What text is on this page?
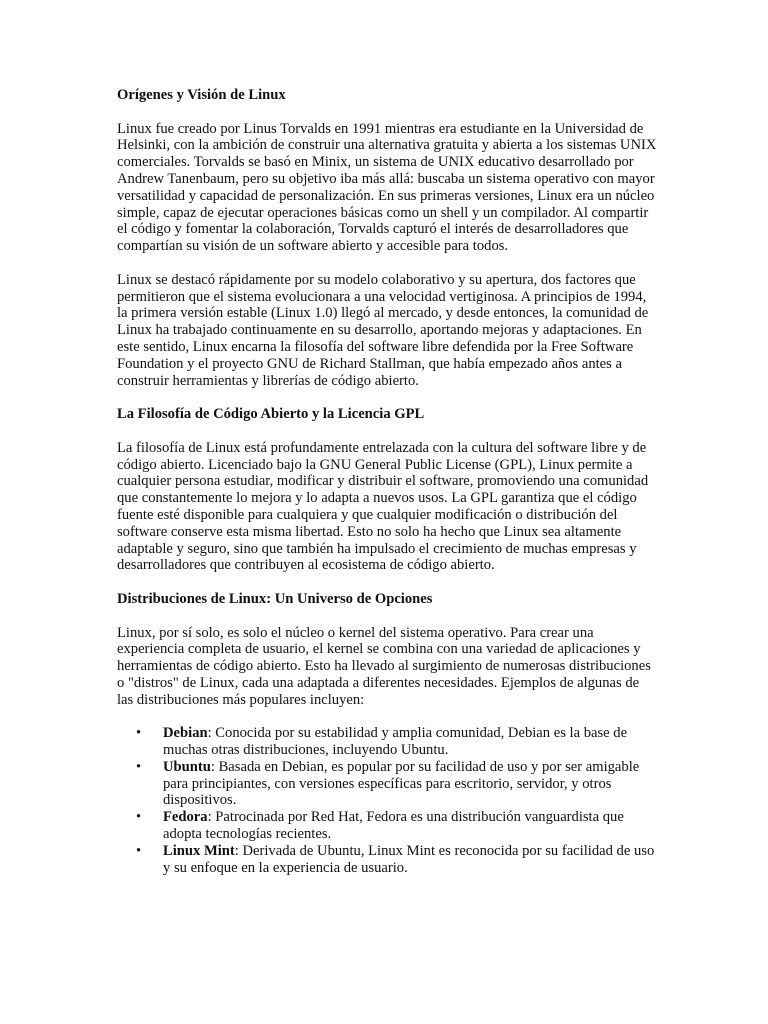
Orígenes y Visión de Linux

Linux fue creado por Linus Torvalds en 1991 mientras era estudiante en la Universidad de Helsinki, con la ambición de construir una alternativa gratuita y abierta a los sistemas UNIX comerciales. Torvalds se basó en Minix, un sistema de UNIX educativo desarrollado por Andrew Tanenbaum, pero su objetivo iba más allá: buscaba un sistema operativo con mayor versatilidad y capacidad de personalización. En sus primeras versiones, Linux era un núcleo simple, capaz de ejecutar operaciones básicas como un shell y un compilador. Al compartir el código y fomentar la colaboración, Torvalds capturó el interés de desarrolladores que compartían su visión de un software abierto y accesible para todos.

Linux se destacó rápidamente por su modelo colaborativo y su apertura, dos factores que permitieron que el sistema evolucionara a una velocidad vertiginosa. A principios de 1994, la primera versión estable (Linux 1.0) llegó al mercado, y desde entonces, la comunidad de Linux ha trabajado continuamente en su desarrollo, aportando mejoras y adaptaciones. En este sentido, Linux encarna la filosofía del software libre defendida por la Free Software Foundation y el proyecto GNU de Richard Stallman, que había empezado años antes a construir herramientas y librerías de código abierto.

La Filosofía de Código Abierto y la Licencia GPL

La filosofía de Linux está profundamente entrelazada con la cultura del software libre y de código abierto. Licenciado bajo la GNU General Public License (GPL), Linux permite a cualquier persona estudiar, modificar y distribuir el software, promoviendo una comunidad que constantemente lo mejora y lo adapta a nuevos usos. La GPL garantiza que el código fuente esté disponible para cualquiera y que cualquier modificación o distribución del software conserve esta misma libertad. Esto no solo ha hecho que Linux sea altamente adaptable y seguro, sino que también ha impulsado el crecimiento de muchas empresas y desarrolladores que contribuyen al ecosistema de código abierto.

Distribuciones de Linux: Un Universo de Opciones

Linux, por sí solo, es solo el núcleo o kernel del sistema operativo. Para crear una experiencia completa de usuario, el kernel se combina con una variedad de aplicaciones y herramientas de código abierto. Esto ha llevado al surgimiento de numerosas distribuciones o "distros" de Linux, cada una adaptada a diferentes necesidades. Ejemplos de algunas de las distribuciones más populares incluyen:

• Debian: Conocida por su estabilidad y amplia comunidad, Debian es la base de muchas otras distribuciones, incluyendo Ubuntu.
• Ubuntu: Basada en Debian, es popular por su facilidad de uso y por ser amigable para principiantes, con versiones específicas para escritorio, servidor, y otros dispositivos.
• Fedora: Patrocinada por Red Hat, Fedora es una distribución vanguardista que adopta tecnologías recientes.
• Linux Mint: Derivada de Ubuntu, Linux Mint es reconocida por su facilidad de uso y su enfoque en la experiencia de usuario.
